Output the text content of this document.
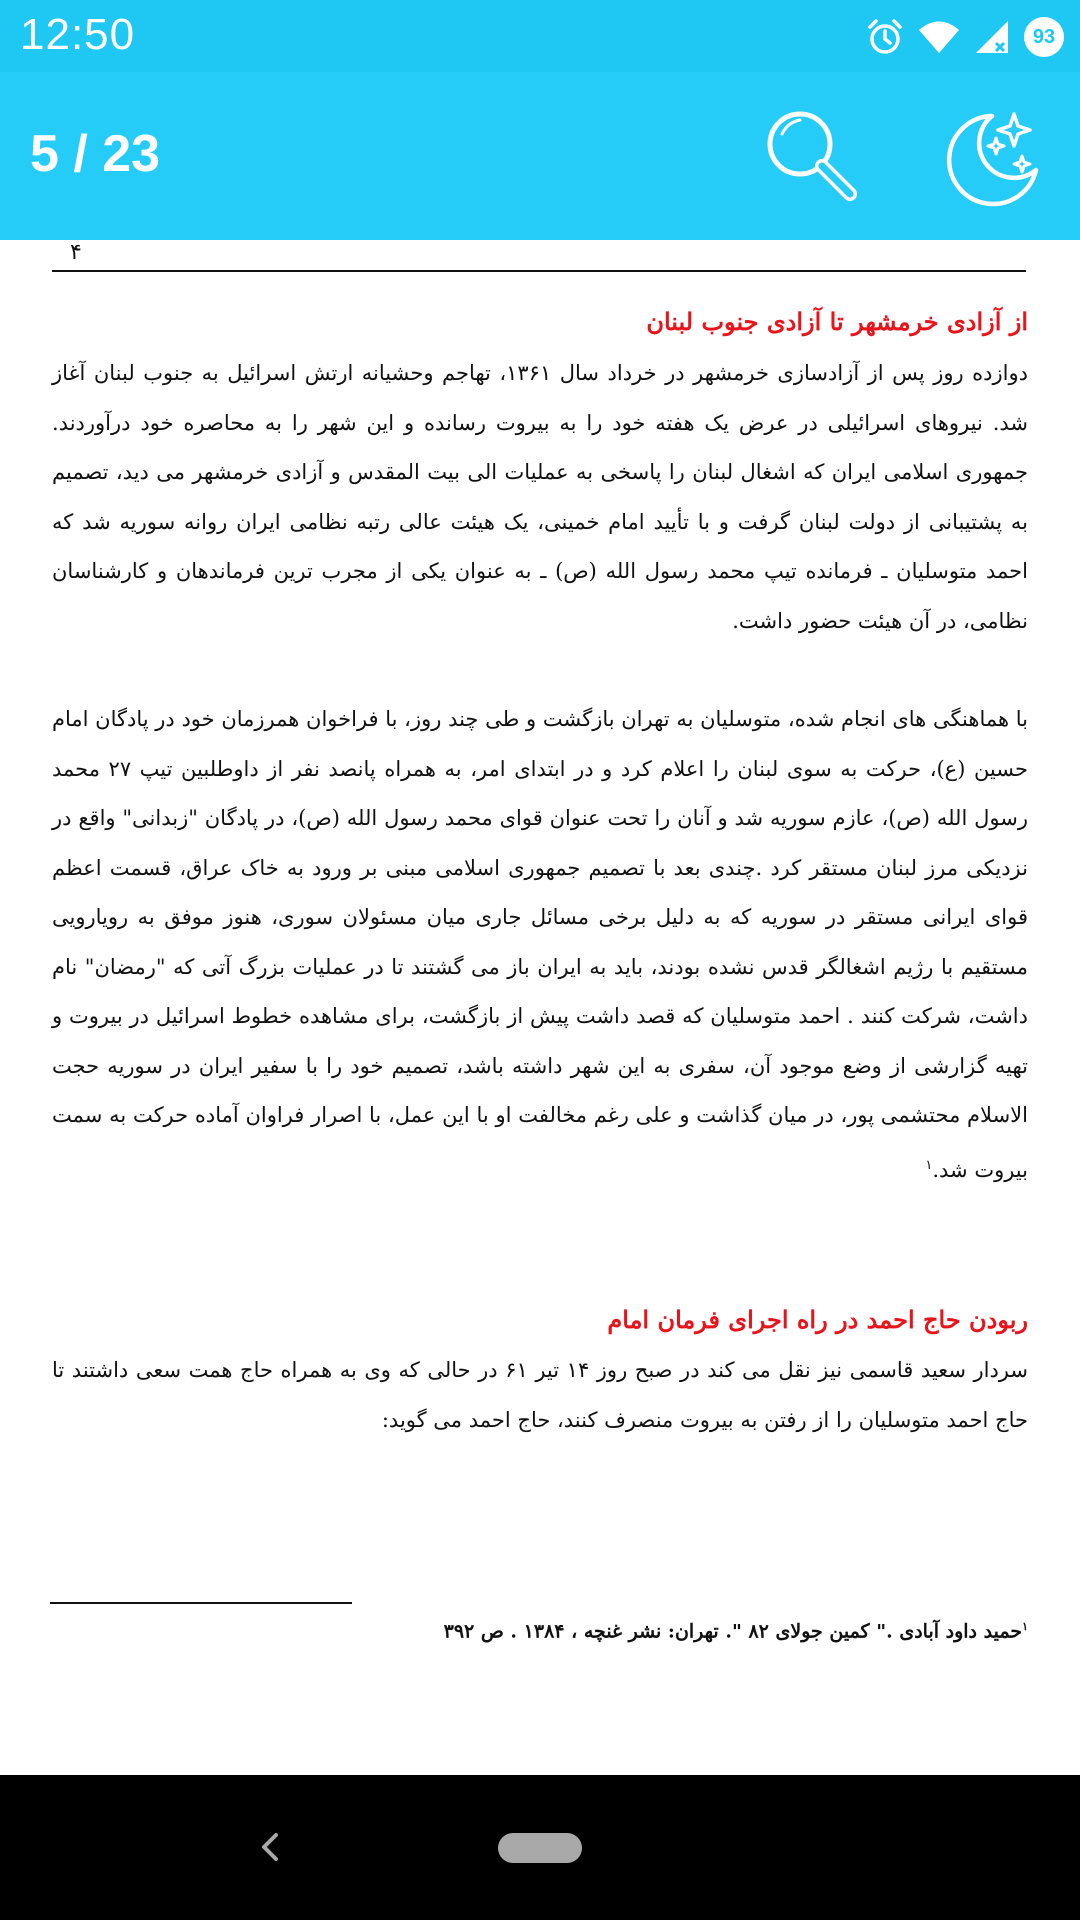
12:50	93
5 / 23
۴
از آزادی خرمشهر تا آزادی جنوب لبنان
دوازده روز پس از آزادسازی خرمشهر در خرداد سال ۱۳۶۱، تهاجم وحشیانه ارتش اسرائیل به جنوب لبنان آغاز شد. نیروهای اسرائیلی در عرض یک هفته خود را به بیروت رسانده و این شهر را به محاصره خود درآوردند. جمهوری اسلامی ایران که اشغال لبنان را پاسخی به عملیات الی بیت المقدس و آزادی خرمشهر می دید، تصمیم به پشتیبانی از دولت لبنان گرفت و با تأیید امام خمینی، یک هیئت عالی رتبه نظامی ایران روانه سوریه شد که احمد متوسلیان ـ فرمانده تیپ محمد رسول الله (ص) ـ به عنوان یکی از مجرب ترین فرماندهان و کارشناسان نظامی، در آن هیئت حضور داشت.
با هماهنگی های انجام شده، متوسلیان به تهران بازگشت و طی چند روز، با فراخوان همرزمان خود در پادگان امام حسین (ع)، حرکت به سوی لبنان را اعلام کرد و در ابتدای امر، به همراه پانصد نفر از داوطلبین تیپ ۲۷ محمد رسول الله (ص)، عازم سوریه شد و آنان را تحت عنوان قوای محمد رسول الله (ص)، در پادگان "زبدانی" واقع در نزدیکی مرز لبنان مستقر کرد .چندی بعد با تصمیم جمهوری اسلامی مبنی بر ورود به خاک عراق، قسمت اعظم قوای ایرانی مستقر در سوریه که به دلیل برخی مسائل جاری میان مسئولان سوری، هنوز موفق به رویارویی مستقیم با رژیم اشغالگر قدس نشده بودند، باید به ایران باز می گشتند تا در عملیات بزرگ آتی که "رمضان" نام داشت، شرکت کنند . احمد متوسلیان که قصد داشت پیش از بازگشت، برای مشاهده خطوط اسرائیل در بیروت و تهیه گزارشی از وضع موجود آن، سفری به این شهر داشته باشد، تصمیم خود را با سفیر ایران در سوریه حجت الاسلام محتشمی پور، در میان گذاشت و علی رغم مخالفت او با این عمل، با اصرار فراوان آماده حرکت به سمت بیروت شد.$^۱$
ربودن حاج احمد در راه اجرای فرمان امام
سردار سعید قاسمی نیز نقل می کند در صبح روز ۱۴ تیر ۶۱ در حالی که وی به همراه حاج همت سعی داشتند تا حاج احمد متوسلیان را از رفتن به بیروت منصرف کنند، حاج احمد می گوید:
$^۱$حمید داود آبادی ." کمین جولای ۸۲ ". تهران: نشر غنچه ، ۱۳۸۴ . ص ۳۹۲
